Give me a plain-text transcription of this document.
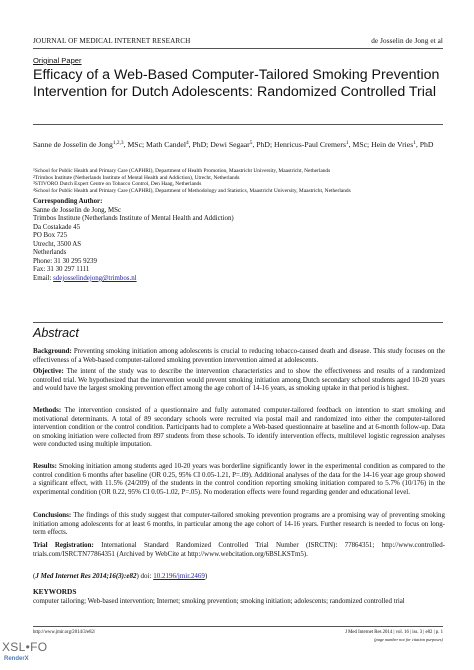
JOURNAL OF MEDICAL INTERNET RESEARCH	de Josselin de Jong et al
Original Paper
Efficacy of a Web-Based Computer-Tailored Smoking Prevention
Intervention for Dutch Adolescents: Randomized Controlled Trial
Sanne de Josselin de Jong$^{1,2,3}$, MSc; Math Candel$^4$, PhD; Dewi Segaar$^5$, PhD; Henricus-Paul Cremers$^1$, MSc; Hein de Vries$^1$, PhD
$^1$School for Public Health and Primary Care (CAPHRI), Department of Health Promotion, Maastricht University, Maastricht, Netherlands
$^2$Trimbos Institute (Netherlands Institute of Mental Health and Addiction), Utrecht, Netherlands
$^3$STIVORO Dutch Expert Centre on Tobacco Control, Den Haag, Netherlands
$^4$School for Public Health and Primary Care (CAPHRI), Department of Methodology and Statistics, Maastricht University, Maastricht, Netherlands
Corresponding Author:
Sanne de Josselin de Jong, MSc
Trimbos Institute (Netherlands Institute of Mental Health and Addiction)
Da Costakade 45
PO Box 725
Utrecht, 3500 AS
Netherlands
Phone: 31 30 295 9239
Fax: 31 30 297 1111
Email: sdejosselindejong@trimbos.nl
Abstract
Background: Preventing smoking initiation among adolescents is crucial to reducing tobacco-caused death and disease. This study focuses on the effectiveness of a Web-based computer-tailored smoking prevention intervention aimed at adolescents.
Objective: The intent of the study was to describe the intervention characteristics and to show the effectiveness and results of a randomized controlled trial. We hypothesized that the intervention would prevent smoking initiation among Dutch secondary school students aged 10-20 years and would have the largest smoking prevention effect among the age cohort of 14-16 years, as smoking uptake in that period is highest.
Methods: The intervention consisted of a questionnaire and fully automated computer-tailored feedback on intention to start smoking and motivational determinants. A total of 89 secondary schools were recruited via postal mail and randomized into either the computer-tailored intervention condition or the control condition. Participants had to complete a Web-based questionnaire at baseline and at 6-month follow-up. Data on smoking initiation were collected from 897 students from these schools. To identify intervention effects, multilevel logistic regression analyses were conducted using multiple imputation.
Results: Smoking initiation among students aged 10-20 years was borderline significantly lower in the experimental condition as compared to the control condition 6 months after baseline (OR 0.25, 95% CI 0.05-1.21, P=.09). Additional analyses of the data for the 14-16 year age group showed a significant effect, with 11.5% (24/209) of the students in the control condition reporting smoking initiation compared to 5.7% (10/176) in the experimental condition (OR 0.22, 95% CI 0.05-1.02, P=.05). No moderation effects were found regarding gender and educational level.
Conclusions: The findings of this study suggest that computer-tailored smoking prevention programs are a promising way of preventing smoking initiation among adolescents for at least 6 months, in particular among the age cohort of 14-16 years. Further research is needed to focus on long-term effects.
Trial Registration: International Standard Randomized Controlled Trial Number (ISRCTN): 77864351; http://www.controlled-trials.com/ISRCTN77864351 (Archived by WebCite at http://www.webcitation.org/6BSLKSTm5).
(J Med Internet Res 2014;16(3):e82) doi: 10.2196/jmir.2469)
KEYWORDS
computer tailoring; Web-based intervention; Internet; smoking prevention; smoking initiation; adolescents; randomized controlled trial
http://www.jmir.org/2014/3/e82/	J Med Internet Res 2014 | vol. 16 | iss. 3 | e82 | p. 1
(page number not for citation purposes)
XSL•FO
RenderX
